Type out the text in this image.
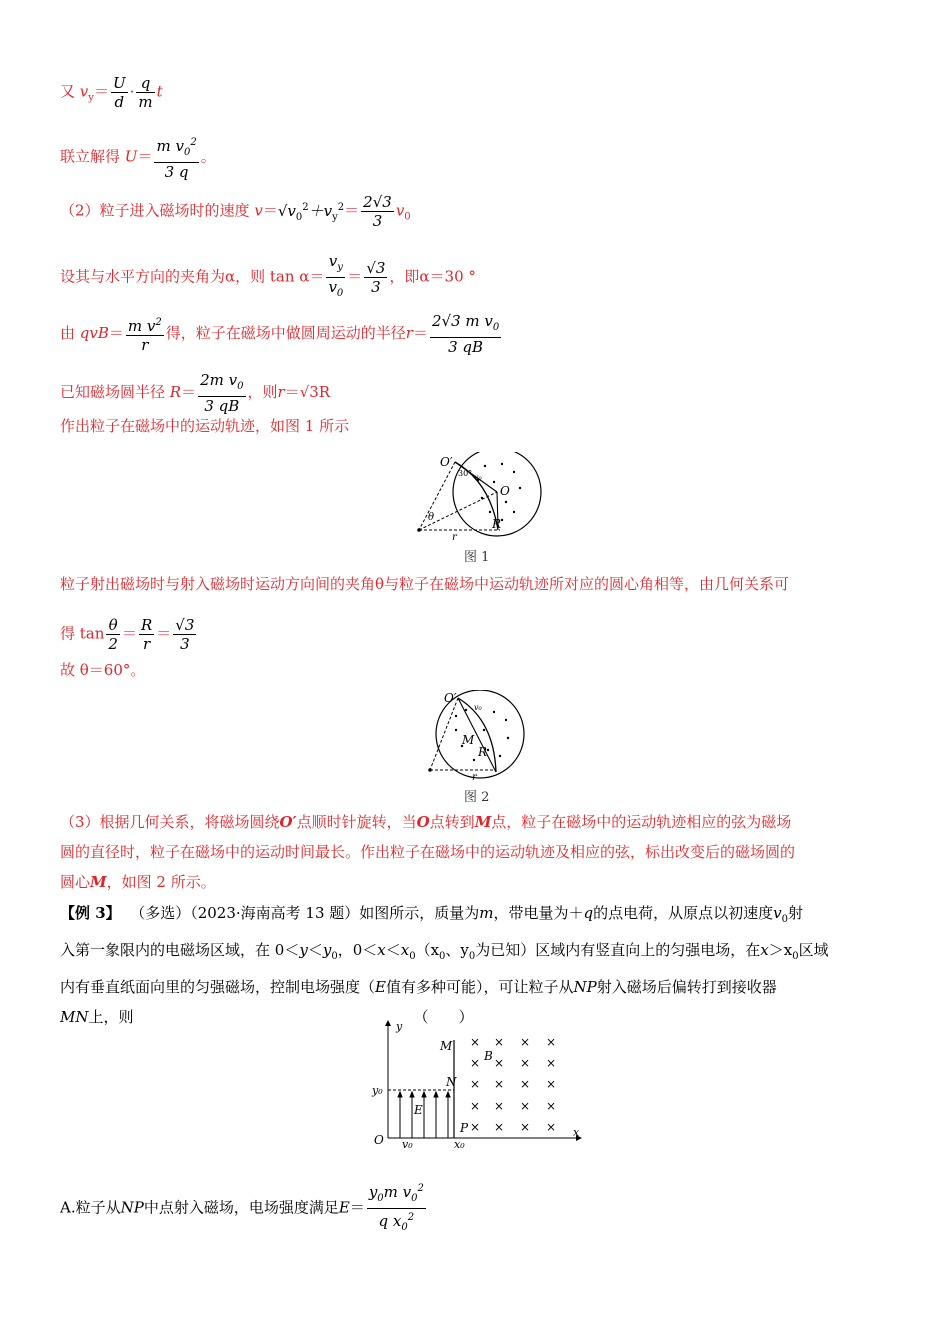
又 $v_y= \frac{U}{d} \cdot \frac{q}{m}$ t
联立解得 $U= \frac{m v_0^2}{3 q}$ 。
（2）粒子进入磁场时的速度 $v=√v_0^2+v_y^2= \frac{2√3}{3} v_0$
设其与水平方向的夹角为α，则 $\tan \alpha= \frac{v_y}{v_0} = \frac{√3}{3}$ ，即α＝30 °
由 $qvB= \frac{m v^2}{r}$ 得，粒子在磁场中做圆周运动的半径$r= \frac{2√3 m v_0}{3 qB}$
已知磁场圆半径 $R= \frac{2m v_0}{3 qB}$ ，则r＝√3R
作出粒子在磁场中的运动轨迹，如图 1 所示
O′
O
R
r
θ
30° v₀
图 1
粒子射出磁场时与射入磁场时运动方向间的夹角θ与粒子在磁场中运动轨迹所对应的圆心角相等，由几何关系可
得 $\tan \frac{\theta}{2} = \frac{R}{r} = \frac{√3}{3}$
故 θ＝60°。
O′
M
R
r
v₀
图 2
（3）根据几何关系，将磁场圆绕O′点顺时针旋转，当O点转到M点，粒子在磁场中的运动轨迹相应的弦为磁场
圆的直径时，粒子在磁场中的运动时间最长。作出粒子在磁场中的运动轨迹及相应的弦，标出改变后的磁场圆的
圆心M，如图 2 所示。
【例 3】 （多选）（2023·海南高考 13 题）如图所示，质量为m，带电量为＋q的点电荷，从原点以初速度$v_0$射
入第一象限内的电磁场区域，在 $0<y<y_0$，$0<x<x_0(x_0$、$y_0$为已知）区域内有竖直向上的匀强电场，在$x>x_0$区域
内有垂直纸面向里的匀强磁场，控制电场强度（E值有多种可能），可让粒子从NP射入磁场后偏转打到接收器
MN上，则	（　　）
× × × ×
× × × ×
× × × ×
× × × ×
× × × ×
y
x
O
M
N
P
B
E
y₀
x₀
v₀
A.粒子从NP中点射入磁场，电场强度满足$E= \frac{y_0m v_0^2}{q x_0^2}$
